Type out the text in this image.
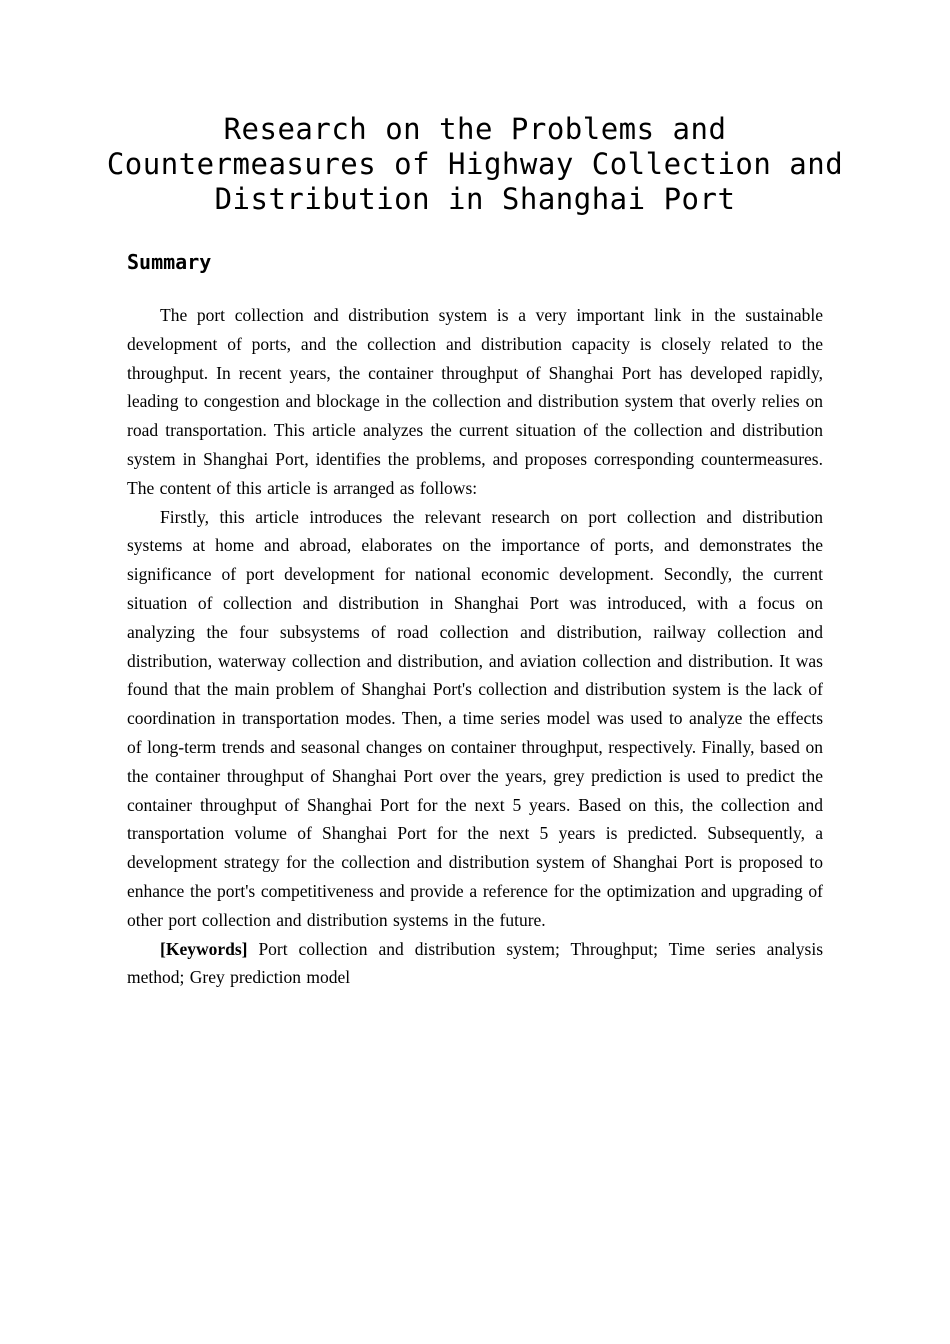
Research on the Problems and Countermeasures of Highway Collection and Distribution in Shanghai Port
Summary

The port collection and distribution system is a very important link in the sustainable development of ports, and the collection and distribution capacity is closely related to the throughput. In recent years, the container throughput of Shanghai Port has developed rapidly, leading to congestion and blockage in the collection and distribution system that overly relies on road transportation. This article analyzes the current situation of the collection and distribution system in Shanghai Port, identifies the problems, and proposes corresponding countermeasures. The content of this article is arranged as follows:

Firstly, this article introduces the relevant research on port collection and distribution systems at home and abroad, elaborates on the importance of ports, and demonstrates the significance of port development for national economic development. Secondly, the current situation of collection and distribution in Shanghai Port was introduced, with a focus on analyzing the four subsystems of road collection and distribution, railway collection and distribution, waterway collection and distribution, and aviation collection and distribution. It was found that the main problem of Shanghai Port's collection and distribution system is the lack of coordination in transportation modes. Then, a time series model was used to analyze the effects of long-term trends and seasonal changes on container throughput, respectively. Finally, based on the container throughput of Shanghai Port over the years, grey prediction is used to predict the container throughput of Shanghai Port for the next 5 years. Based on this, the collection and transportation volume of Shanghai Port for the next 5 years is predicted. Subsequently, a development strategy for the collection and distribution system of Shanghai Port is proposed to enhance the port's competitiveness and provide a reference for the optimization and upgrading of other port collection and distribution systems in the future.

[Keywords] Port collection and distribution system; Throughput; Time series analysis method; Grey prediction model
